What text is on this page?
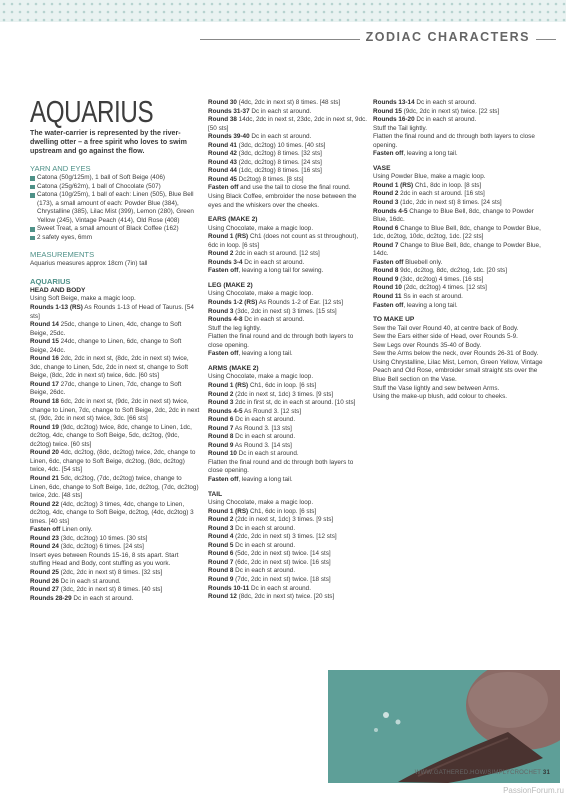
ZODIAC CHARACTERS

AQUARIUS

The water-carrier is represented by the river-dwelling otter – a free spirit who loves to swim upstream and go against the flow.

YARN AND EYES

Catona (50g/125m), 1 ball of Soft Beige (406)

Catona (25g/62m), 1 ball of Chocolate (507)

Catona (10g/25m), 1 ball of each: Linen (505), Blue Bell (173), a small amount of each: Powder Blue (384), Chrystalline (385), Lilac Mist (399), Lemon (280), Green Yellow (245), Vintage Peach (414), Old Rose (408)

Sweet Treat, a small amount of Black Coffee (162)

2 safety eyes, 6mm

MEASUREMENTS

Aquarius measures approx 18cm (7in) tall

AQUARIUS

HEAD AND BODY

Using Soft Beige, make a magic loop.

Rounds 1-13 (RS) As Rounds 1-13 of Head of Taurus. [54 sts]

Round 14 25dc, change to Linen, 4dc, change to Soft Beige, 25dc.

Round 15 24dc, change to Linen, 6dc, change to Soft Beige, 24dc.

Round 16 2dc, 2dc in next st, (8dc, 2dc in next st) twice, 3dc, change to Linen, 5dc, 2dc in next st, change to Soft Beige, (8dc, 2dc in next st) twice, 6dc. [60 sts]

Round 17 27dc, change to Linen, 7dc, change to Soft Beige, 26dc.

Round 18 6dc, 2dc in next st, (9dc, 2dc in next st) twice, change to Linen, 7dc, change to Soft Beige, 2dc, 2dc in next st, (9dc, 2dc in next st) twice, 3dc. [66 sts]

Round 19 (9dc, dc2tog) twice, 8dc, change to Linen, 1dc, dc2tog, 4dc, change to Soft Beige, 5dc, dc2tog, (9dc, dc2tog) twice. [60 sts]

Round 20 4dc, dc2tog, (8dc, dc2tog) twice, 2dc, change to Linen, 6dc, change to Soft Beige, dc2tog, (8dc, dc2tog) twice, 4dc. [54 sts]

Round 21 5dc, dc2tog, (7dc, dc2tog) twice, change to Linen, 6dc, change to Soft Beige, 1dc, dc2tog, (7dc, dc2tog) twice, 2dc. [48 sts]

Round 22 (4dc, dc2tog) 3 times, 4dc, change to Linen, dc2tog, 4dc, change to Soft Beige, dc2tog, (4dc, dc2tog) 3 times. [40 sts]

Fasten off Linen only.

Round 23 (3dc, dc2tog) 10 times. [30 sts]

Round 24 (3dc, dc2tog) 6 times. [24 sts]

Insert eyes between Rounds 15-16, 8 sts apart. Start stuffing Head and Body, cont stuffing as you work.

Round 25 (2dc, 2dc in next st) 8 times. [32 sts]

Round 26 Dc in each st around.

Round 27 (3dc, 2dc in next st) 8 times. [40 sts]

Rounds 28-29 Dc in each st around.

Round 30 (4dc, 2dc in next st) 8 times. [48 sts]

Rounds 31-37 Dc in each st around.

Round 38 14dc, 2dc in next st, 23dc, 2dc in next st, 9dc. [50 sts]

Rounds 39-40 Dc in each st around.

Round 41 (3dc, dc2tog) 10 times. [40 sts]

Round 42 (3dc, dc2tog) 8 times. [32 sts]

Round 43 (2dc, dc2tog) 8 times. [24 sts]

Round 44 (1dc, dc2tog) 8 times. [16 sts]

Round 45 Dc2tog) 8 times. [8 sts]

Fasten off and use the tail to close the final round.

Using Black Coffee, embroider the nose between the eyes and the whiskers over the cheeks.

EARS (MAKE 2)

Using Chocolate, make a magic loop.

Round 1 (RS) Ch1 (does not count as st throughout), 6dc in loop. [6 sts]

Round 2 2dc in each st around. [12 sts]

Rounds 3-4 Dc in each st around.

Fasten off, leaving a long tail for sewing.

LEG (MAKE 2)

Using Chocolate, make a magic loop.

Rounds 1-2 (RS) As Rounds 1-2 of Ear. [12 sts]

Round 3 (3dc, 2dc in next st) 3 times. [15 sts]

Rounds 4-8 Dc in each st around.

Stuff the leg lightly.

Flatten the final round and dc through both layers to close opening.

Fasten off, leaving a long tail.

ARMS (MAKE 2)

Using Chocolate, make a magic loop.

Round 1 (RS) Ch1, 6dc in loop. [6 sts]

Round 2 (2dc in next st, 1dc) 3 times. [9 sts]

Round 3 2dc in first st, dc in each st around. [10 sts]

Rounds 4-5 As Round 3. [12 sts]

Round 6 Dc in each st around.

Round 7 As Round 3. [13 sts]

Round 8 Dc in each st around.

Round 9 As Round 3. [14 sts]

Round 10 Dc in each st around.

Flatten the final round and dc through both layers to close opening.

Fasten off, leaving a long tail.

TAIL

Using Chocolate, make a magic loop.

Round 1 (RS) Ch1, 6dc in loop. [6 sts]

Round 2 (2dc in next st, 1dc) 3 times. [9 sts]

Round 3 Dc in each st around.

Round 4 (2dc, 2dc in next st) 3 times. [12 sts]

Round 5 Dc in each st around.

Round 6 (5dc, 2dc in next st) twice. [14 sts]

Round 7 (6dc, 2dc in next st) twice. [16 sts]

Round 8 Dc in each st around.

Round 9 (7dc, 2dc in next st) twice. [18 sts]

Rounds 10-11 Dc in each st around.

Round 12 (8dc, 2dc in next st) twice. [20 sts]

Rounds 13-14 Dc in each st around.

Round 15 (9dc, 2dc in next st) twice. [22 sts]

Rounds 16-20 Dc in each st around.

Stuff the Tail lightly.

Flatten the final round and dc through both layers to close opening.

Fasten off, leaving a long tail.

VASE

Using Powder Blue, make a magic loop.

Round 1 (RS) Ch1, 8dc in loop. [8 sts]

Round 2 2dc in each st around. [16 sts]

Round 3 (1dc, 2dc in next st) 8 times. [24 sts]

Rounds 4-5 Change to Blue Bell, 8dc, change to Powder Blue, 16dc.

Round 6 Change to Blue Bell, 8dc, change to Powder Blue, 1dc, dc2tog, 10dc, dc2tog, 1dc. [22 sts]

Round 7 Change to Blue Bell, 8dc, change to Powder Blue, 14dc.

Fasten off Bluebell only.

Round 8 9dc, dc2tog, 8dc, dc2tog, 1dc. [20 sts]

Round 9 (3dc, dc2tog) 4 times. [16 sts]

Round 10 (2dc, dc2tog) 4 times. [12 sts]

Round 11 Ss in each st around.

Fasten off, leaving a long tail.

TO MAKE UP

Sew the Tail over Round 40, at centre back of Body.

Sew the Ears either side of Head, over Rounds 5-9.

Sew Legs over Rounds 35-40 of Body.

Sew the Arms below the neck, over Rounds 26-31 of Body.

Using Chrystalline, Lilac Mist, Lemon, Green Yellow, Vintage Peach and Old Rose, embroider small straight sts over the Blue Bell section on the Vase.

Stuff the Vase lightly and sew between Arms.

Using the make-up blush, add colour to cheeks.

WWW.GATHERED.HOW/SIMPLYCROCHET 31
PassionForum.ru
